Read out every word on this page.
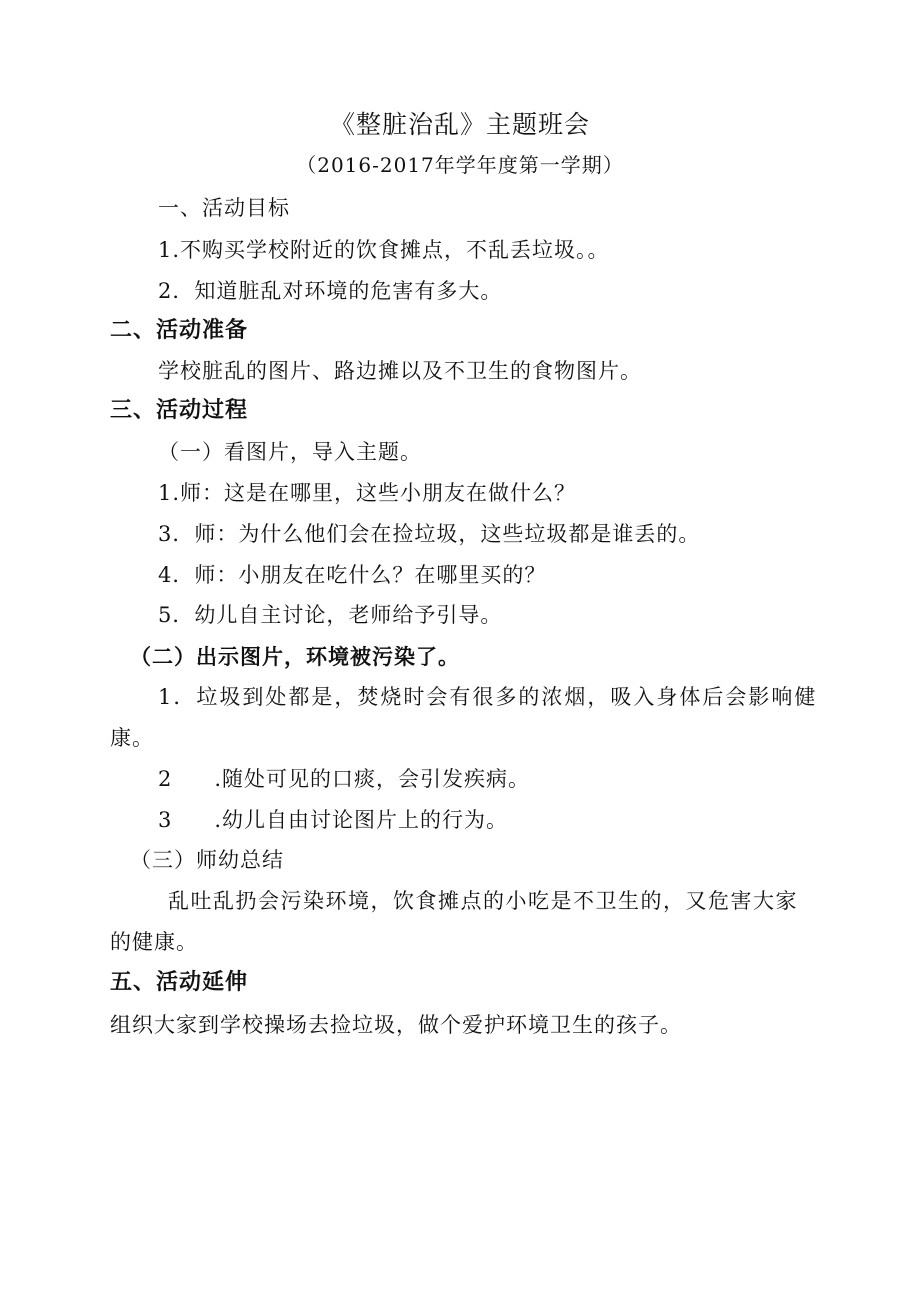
《整脏治乱》主题班会
（2016-2017年学年度第一学期）
一、活动目标
1.不购买学校附近的饮食摊点，不乱丢垃圾。。
2．知道脏乱对环境的危害有多大。
二、活动准备
学校脏乱的图片、路边摊以及不卫生的食物图片。
三、活动过程
（一）看图片，导入主题。
1.师：这是在哪里，这些小朋友在做什么？
3．师：为什么他们会在捡垃圾，这些垃圾都是谁丢的。
4．师：小朋友在吃什么？在哪里买的？
5．幼儿自主讨论，老师给予引导。
（二）出示图片，环境被污染了。
1．垃圾到处都是，焚烧时会有很多的浓烟，吸入身体后会影响健
康。
2 .随处可见的口痰，会引发疾病。
3 .幼儿自由讨论图片上的行为。
（三）师幼总结
乱吐乱扔会污染环境，饮食摊点的小吃是不卫生的，又危害大家
的健康。
五、活动延伸
组织大家到学校操场去捡垃圾，做个爱护环境卫生的孩子。
